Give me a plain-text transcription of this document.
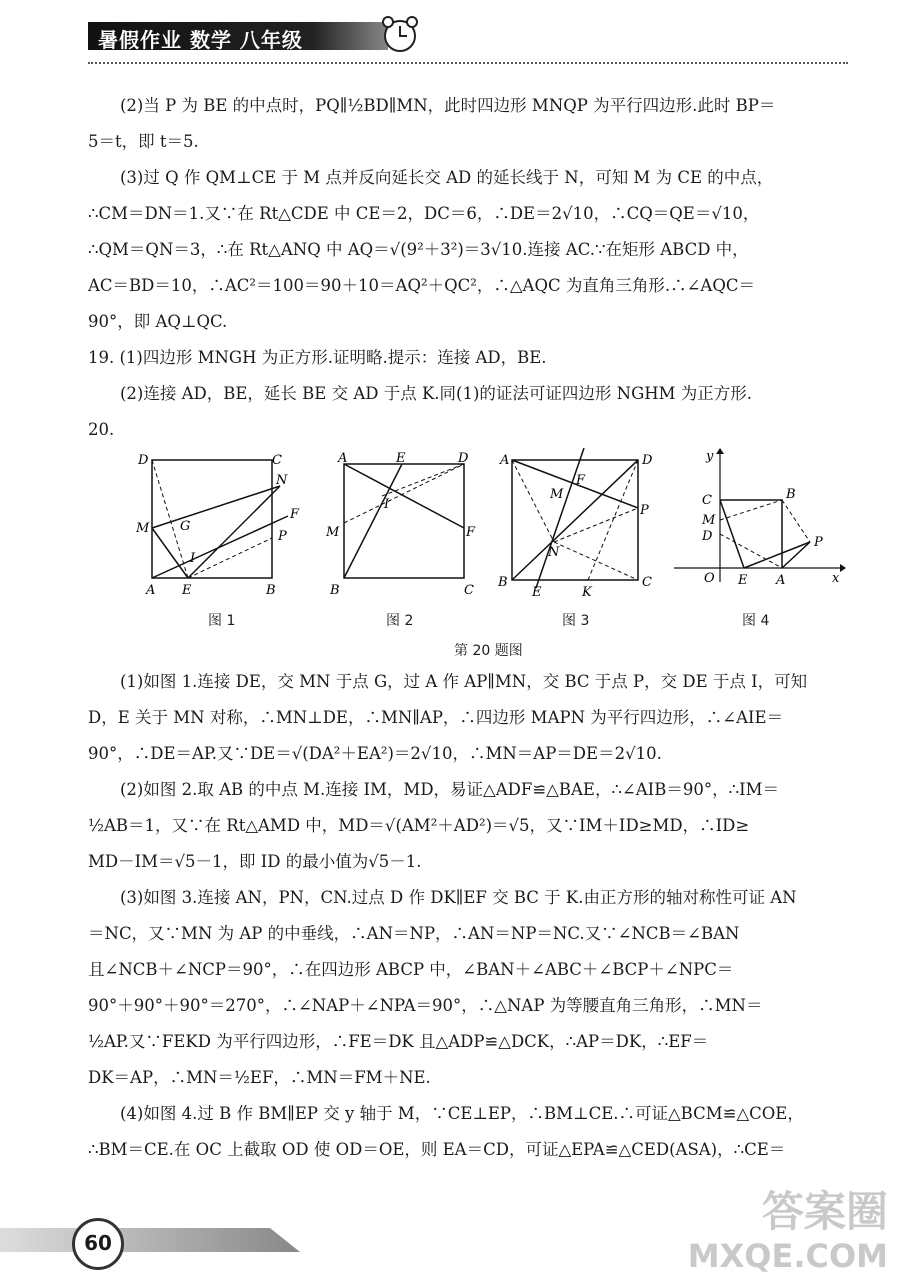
暑假作业 数学 八年级

(2)当 P 为 BE 的中点时，PQ∥½BD∥MN，此时四边形 MNQP 为平行四边形.此时 BP＝

5＝t，即 t＝5.

(3)过 Q 作 QM⊥CE 于 M 点并反向延长交 AD 的延长线于 N，可知 M 为 CE 的中点，

∴CM＝DN＝1.又∵在 Rt△CDE 中 CE＝2，DC＝6，∴DE＝2√10，∴CQ＝QE＝√10，

∴QM＝QN＝3，∴在 Rt△ANQ 中 AQ＝√(9²＋3²)＝3√10.连接 AC.∵在矩形 ABCD 中，

AC＝BD＝10，∴AC²＝100＝90＋10＝AQ²＋QC²，∴△AQC 为直角三角形.∴∠AQC＝

90°，即 AQ⊥QC.

19. (1)四边形 MNGH 为正方形.证明略.提示：连接 AD，BE.

(2)连接 AD，BE，延长 BE 交 AD 于点 K.同(1)的证法可证四边形 NGHM 为正方形.

20.

D	C
N
M G
F
I
P
A E	B
A	E	D
I
M	F
B	C
A
F
D
M
P
N
B
E	K
C
y
C	B
M
D	P
O E A	x
图 1	图 2	图 3	图 4
第 20 题图

(1)如图 1.连接 DE，交 MN 于点 G，过 A 作 AP∥MN，交 BC 于点 P，交 DE 于点 I，可知

D，E 关于 MN 对称，∴MN⊥DE，∴MN∥AP，∴四边形 MAPN 为平行四边形，∴∠AIE＝

90°，∴DE＝AP.又∵DE＝√(DA²＋EA²)＝2√10，∴MN＝AP＝DE＝2√10.

(2)如图 2.取 AB 的中点 M.连接 IM，MD，易证△ADF≌△BAE，∴∠AIB＝90°，∴IM＝

½AB＝1，又∵在 Rt△AMD 中，MD＝√(AM²＋AD²)＝√5，又∵IM＋ID≥MD，∴ID≥

MD－IM＝√5－1，即 ID 的最小值为√5－1.

(3)如图 3.连接 AN，PN，CN.过点 D 作 DK∥EF 交 BC 于 K.由正方形的轴对称性可证 AN

＝NC，又∵MN 为 AP 的中垂线，∴AN＝NP，∴AN＝NP＝NC.又∵∠NCB＝∠BAN

且∠NCB＋∠NCP＝90°，∴在四边形 ABCP 中，∠BAN＋∠ABC＋∠BCP＋∠NPC＝

90°＋90°＋90°＝270°，∴∠NAP＋∠NPA＝90°，∴△NAP 为等腰直角三角形，∴MN＝

½AP.又∵FEKD 为平行四边形，∴FE＝DK 且△ADP≌△DCK，∴AP＝DK，∴EF＝

DK＝AP，∴MN＝½EF，∴MN＝FM＋NE.

(4)如图 4.过 B 作 BM∥EP 交 y 轴于 M，∵CE⊥EP，∴BM⊥CE.∴可证△BCM≌△COE，

∴BM＝CE.在 OC 上截取 OD 使 OD＝OE，则 EA＝CD，可证△EPA≌△CED(ASA)，∴CE＝

60
答案圈
MXQE.COM
